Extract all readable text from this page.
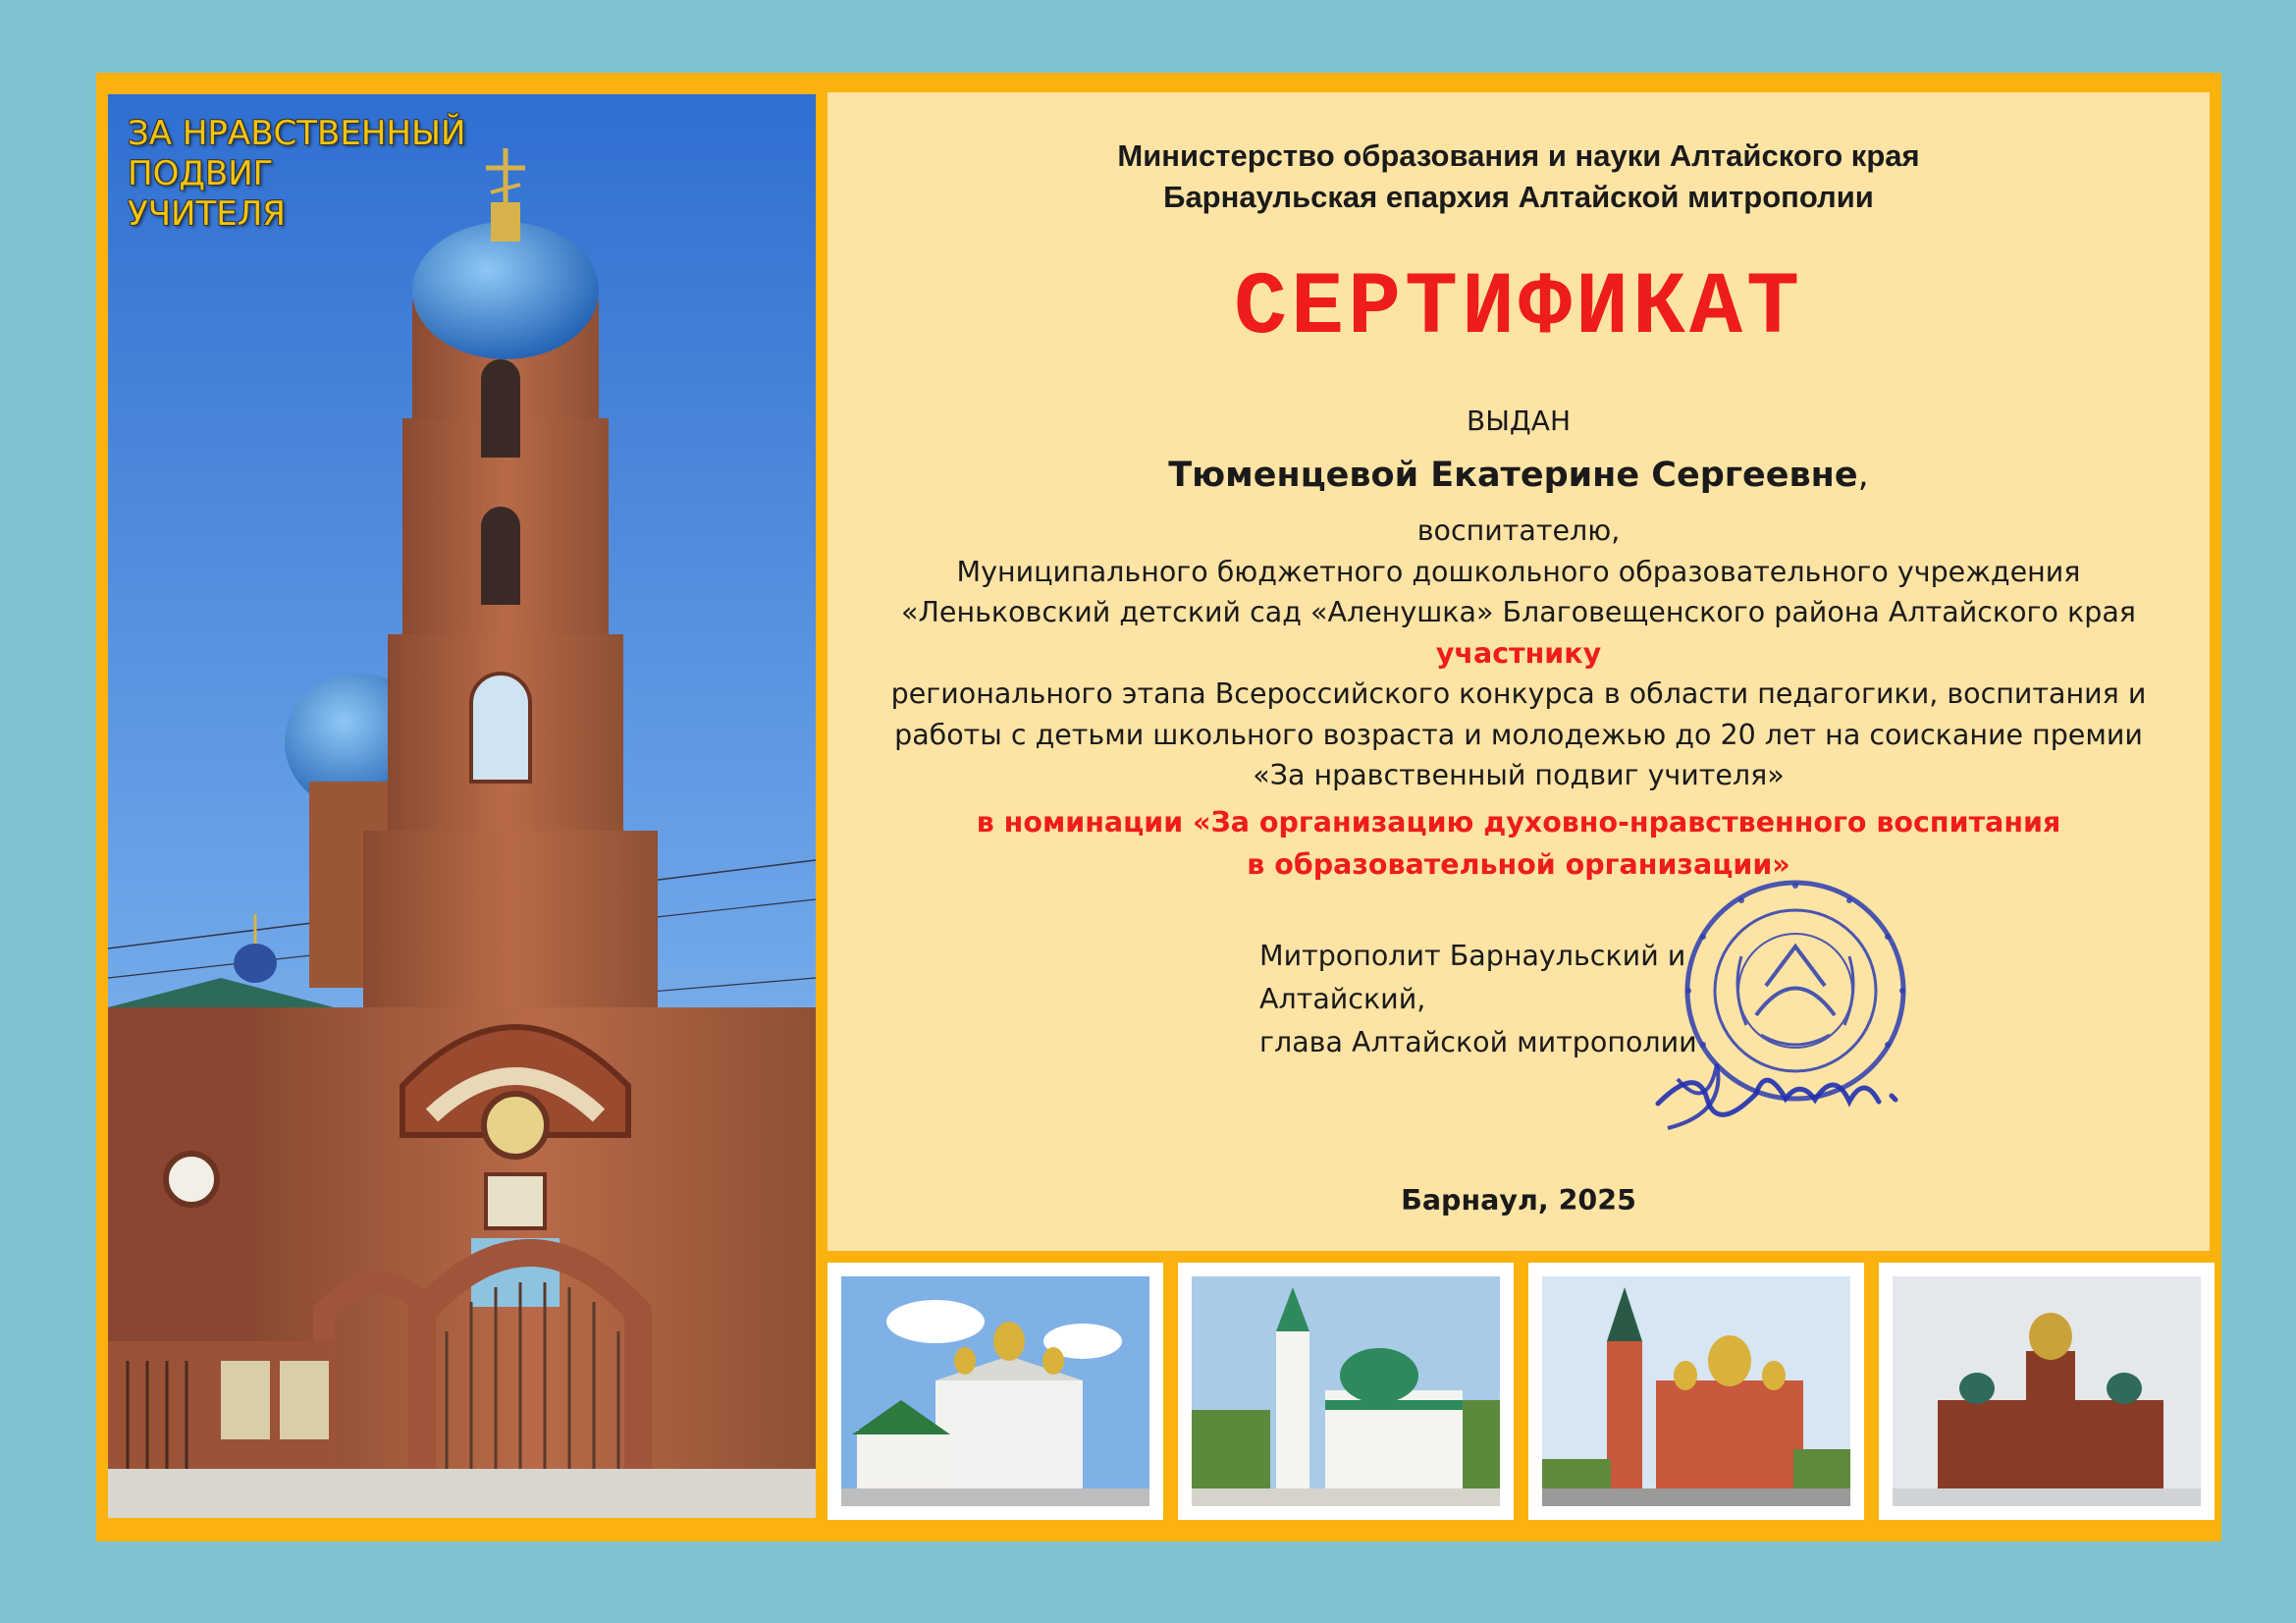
ЗА НРАВСТВЕННЫЙ
ПОДВИГ
УЧИТЕЛЯ

Министерство образования и науки Алтайского края
Барнаульская епархия Алтайской митрополии
СЕРТИФИКАТ
ВЫДАН
Тюменцевой Екатерине Сергеевне,
воспитателю,
Муниципального бюджетного дошкольного образовательного учреждения
«Леньковский детский сад «Аленушка» Благовещенского района Алтайского края
участнику
регионального этапа Всероссийского конкурса в области педагогики, воспитания и
работы с детьми школьного возраста и молодежью до 20 лет на соискание премии
«За нравственный подвиг учителя»
в номинации «За организацию духовно-нравственного воспитания
в образовательной организации»
Митрополит Барнаульский и
Алтайский,
глава Алтайской митрополии
Барнаул, 2025
